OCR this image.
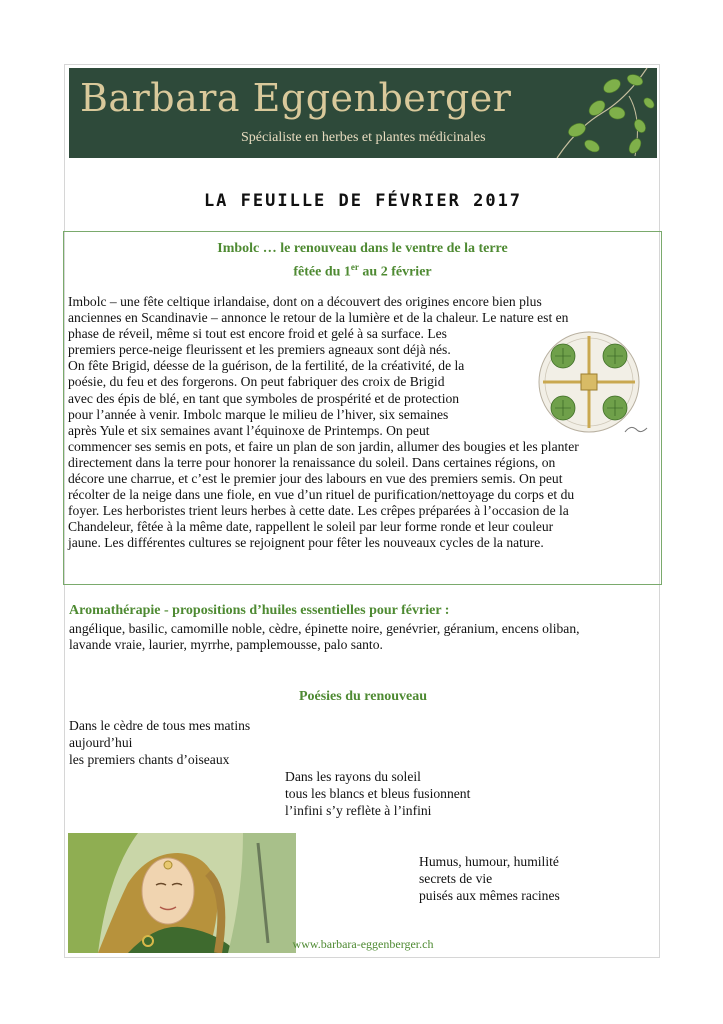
Barbara Eggenberger
Spécialiste en herbes et plantes médicinales
LA FEUILLE DE FÉVRIER 2017
Imbolc … le renouveau dans le ventre de la terre
fêtée du 1er au 2 février
Imbolc – une fête celtique irlandaise, dont on a découvert des origines encore bien plus
anciennes en Scandinavie – annonce le retour de la lumière et de la chaleur. Le nature est en
phase de réveil, même si tout est encore froid et gelé à sa surface. Les
premiers perce-neige fleurissent et les premiers agneaux sont déjà nés.
On fête Brigid, déesse de la guérison, de la fertilité, de la créativité, de la
poésie, du feu et des forgerons. On peut fabriquer des croix de Brigid
avec des épis de blé, en tant que symboles de prospérité et de protection
pour l’année à venir. Imbolc marque le milieu de l’hiver, six semaines
après Yule et six semaines avant l’équinoxe de Printemps. On peut
commencer ses semis en pots, et faire un plan de son jardin, allumer des bougies et les planter
directement dans la terre pour honorer la renaissance du soleil. Dans certaines régions, on
décore une charrue, et c’est le premier jour des labours en vue des premiers semis. On peut
récolter de la neige dans une fiole, en vue d’un rituel de purification/nettoyage du corps et du
foyer. Les herboristes trient leurs herbes à cette date. Les crêpes préparées à l’occasion de la
Chandeleur, fêtée à la même date, rappellent le soleil par leur forme ronde et leur couleur
jaune. Les différentes cultures se rejoignent pour fêter les nouveaux cycles de la nature.
Aromathérapie - propositions d’huiles essentielles pour février :
angélique, basilic, camomille noble, cèdre, épinette noire, genévrier, géranium, encens oliban,
lavande vraie, laurier, myrrhe, pamplemousse, palo santo.
Poésies du renouveau
Dans le cèdre de tous mes matins
aujourd’hui
les premiers chants d’oiseaux
Dans les rayons du soleil
tous les blancs et bleus fusionnent
l’infini s’y reflète à l’infini
Humus, humour, humilité
secrets de vie
puisés aux mêmes racines
www.barbara-eggenberger.ch
